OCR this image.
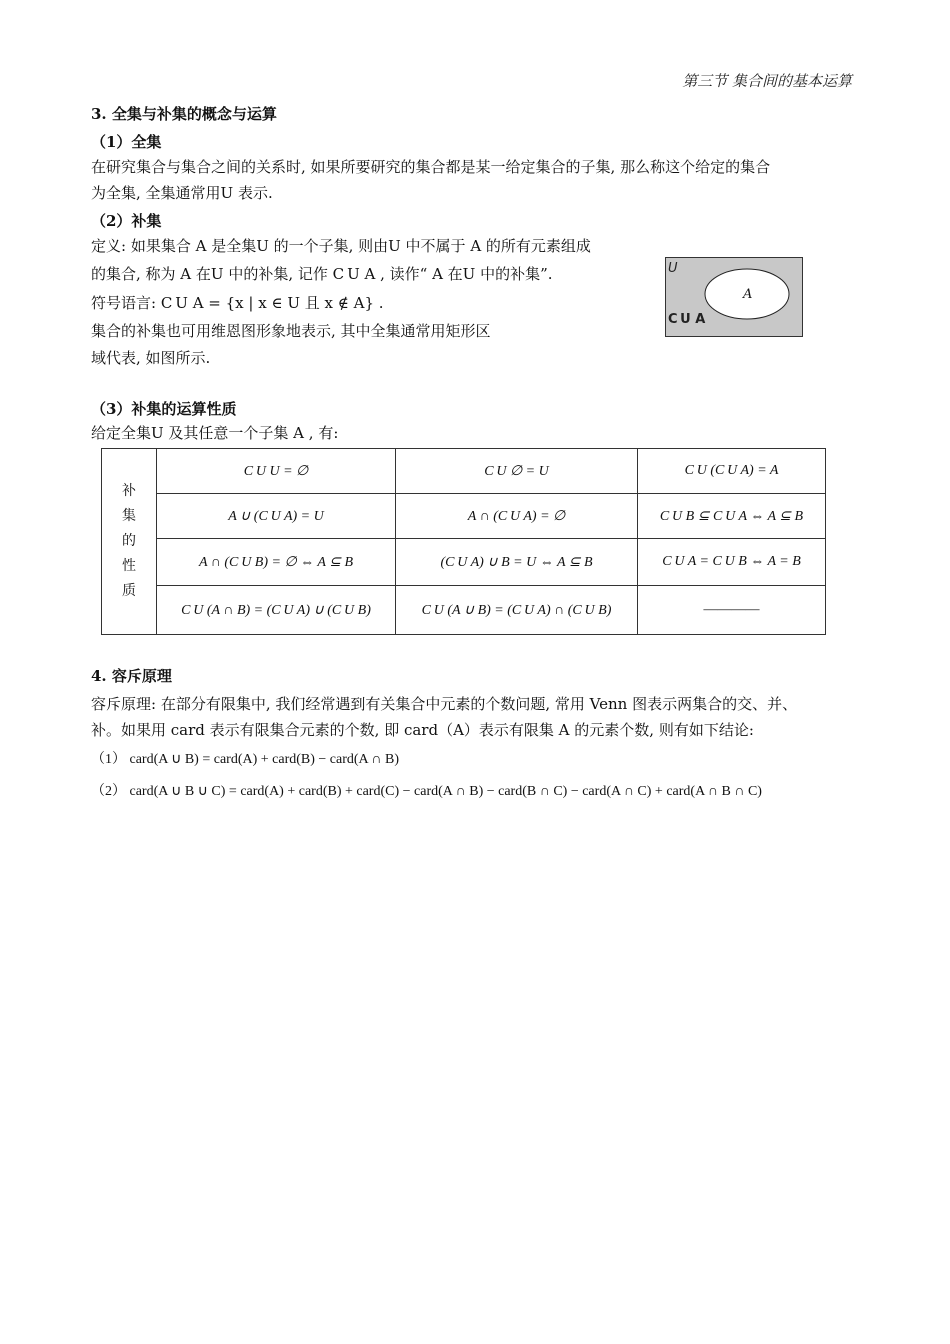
第三节 集合间的基本运算
3. 全集与补集的概念与运算
（1）全集
在研究集合与集合之间的关系时, 如果所要研究的集合都是某一给定集合的子集, 那么称这个给定的集合
为全集, 全集通常用U 表示.
（2）补集
定义: 如果集合 A 是全集U 的一个子集, 则由U 中不属于 A 的所有元素组成
的集合, 称为 A 在U 中的补集, 记作 C U A , 读作“ A 在U 中的补集”.
符号语言: C U A = {x | x ∈ U 且 x ∉ A} .
集合的补集也可用维恩图形象地表示, 其中全集通常用矩形区
域代表, 如图所示.
U
A
C U A
（3）补集的运算性质
给定全集U 及其任意一个子集 A , 有:
补
集
的
性
质	C U U = ∅	C U ∅ = U	C U (C U A) = A
	A ∪ (C U A) = U	A ∩ (C U A) = ∅	C U B ⊆ C U A ⇔ A ⊆ B
	A ∩ (C U B) = ∅ ⇔ A ⊆ B	(C U A) ∪ B = U ⇔ A ⊆ B	C U A = C U B ⇔ A = B
	C U (A ∩ B) = (C U A) ∪ (C U B)	C U (A ∪ B) = (C U A) ∩ (C U B)	————
4. 容斥原理
容斥原理: 在部分有限集中, 我们经常遇到有关集合中元素的个数问题, 常用 Venn 图表示两集合的交、并、
补。如果用 card 表示有限集合元素的个数, 即 card（A）表示有限集 A 的元素个数, 则有如下结论:
（1） card(A ∪ B) = card(A) + card(B) − card(A ∩ B)
（2） card(A ∪ B ∪ C) = card(A) + card(B) + card(C) − card(A ∩ B) − card(B ∩ C) − card(A ∩ C) + card(A ∩ B ∩ C)
